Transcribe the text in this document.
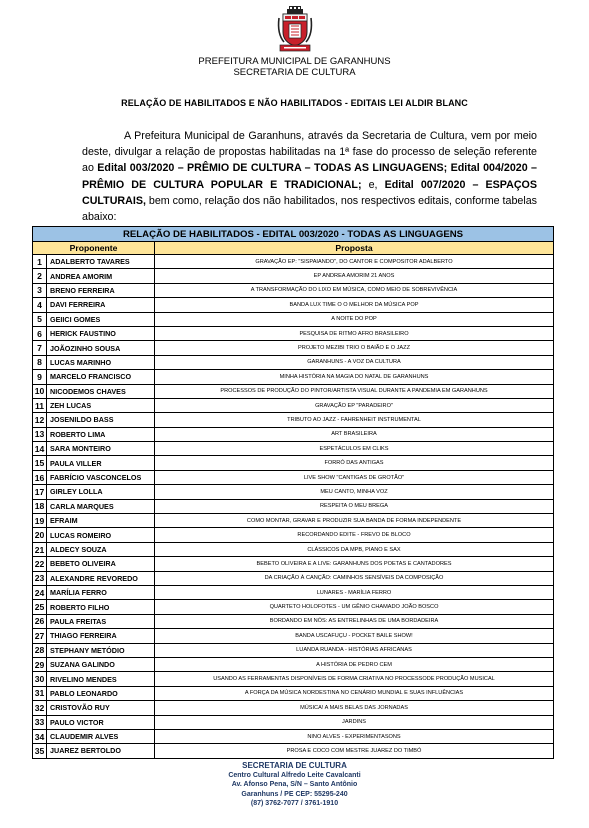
PREFEITURA MUNICIPAL DE GARANHUNS
SECRETARIA DE CULTURA
RELAÇÃO DE HABILITADOS E NÃO HABILITADOS - EDITAIS LEI ALDIR BLANC

A Prefeitura Municipal de Garanhuns, através da Secretaria de Cultura, vem por meio deste, divulgar a relação de propostas habilitadas na 1ª fase do processo de seleção referente ao Edital 003/2020 – PRÊMIO DE CULTURA – TODAS AS LINGUAGENS; Edital 004/2020 – PRÊMIO DE CULTURA POPULAR E TRADICIONAL; e, Edital 007/2020 – ESPAÇOS CULTURAIS, bem como, relação dos não habilitados, nos respectivos editais, conforme tabelas abaixo:

RELAÇÃO DE HABILITADOS - EDITAL 003/2020 - TODAS AS LINGUAGENS		
Proponente		Proposta
1	ADALBERTO TAVARES	GRAVAÇÃO EP: "SISPAIANDO", DO CANTOR E COMPOSITOR ADALBERTO
2	ANDREA AMORIM	EP ANDREA AMORIM 21 ANOS
3	BRENO FERREIRA	A TRANSFORMAÇÃO DO LIXO EM MÚSICA, COMO MEIO DE SOBREVIVÊNCIA
4	DAVI FERREIRA	BANDA LUX TIME O O MELHOR DA MÚSICA POP
5	GEIICI GOMES	A NOITE DO POP
6	HERICK FAUSTINO	PESQUISA DE RITMO AFRO BRASILEIRO
7	JOÃOZINHO SOUSA	PROJETO MEZIBI TRIO O BAIÃO E O JAZZ
8	LUCAS MARINHO	GARANHUNS - A VOZ DA CULTURA
9	MARCELO FRANCISCO	MINHA HISTÓRIA NA MAGIA DO NATAL DE GARANHUNS
10	NICODEMOS CHAVES	PROCESSOS DE PRODUÇÃO DO PINTOR/ARTISTA VISUAL DURANTE A PANDEMIA EM GARANHUNS
11	ZEH LUCAS	GRAVAÇÃO EP "PARADEIRO"
12	JOSENILDO BASS	TRIBUTO AO JAZZ - FAHRENHEIT INSTRUMENTAL
13	ROBERTO LIMA	ART BRASILEIRA
14	SARA MONTEIRO	ESPETÁCULOS EM CLIKS
15	PAULA VILLER	FORRÓ DAS ANTIGAS
16	FABRÍCIO VASCONCELOS	LIVE SHOW "CANTIGAS DE GROTÃO"
17	GIRLEY LOLLA	MEU CANTO, MINHA VOZ
18	CARLA MARQUES	RESPEITA O MEU BREGA
19	EFRAIM	COMO MONTAR, GRAVAR E PRODUZIR SUA BANDA DE FORMA INDEPENDENTE
20	LUCAS ROMEIRO	RECORDANDO EDITE - FREVO DE BLOCO
21	ALDECY SOUZA	CLÁSSICOS DA MPB, PIANO E SAX
22	BEBETO OLIVEIRA	BEBETO OLIVEIRA E A LIVE: GARANHUNS DOS POETAS E CANTADORES
23	ALEXANDRE REVOREDO	DA CRIAÇÃO À CANÇÃO: CAMINHOS SENSÍVEIS DA COMPOSIÇÃO
24	MARÍLIA FERRO	LUNARES - MARÍLIA FERRO
25	ROBERTO FILHO	QUARTETO HOLOFOTES - UM GÊNIO CHAMADO JOÃO BOSCO
26	PAULA FREITAS	BORDANDO EM NÓS: AS ENTRELINHAS DE UMA BORDADEIRA
27	THIAGO FERREIRA	BANDA USCAFUÇU - POCKET BAILE SHOW!
28	STEPHANY METÓDIO	LUANDA RUANDA - HISTÓRIAS AFRICANAS
29	SUZANA GALINDO	A HISTÓRIA DE PEDRO CEM
30	RIVELINO MENDES	USANDO AS FERRAMENTAS DISPONÍVEIS DE FORMA CRIATIVA NO PROCESSODE PRODUÇÃO MUSICAL
31	PABLO LEONARDO	A FORÇA DA MÚSICA NORDESTINA NO CENÁRIO MUNDIAL E SUAS INFLUÊNCIAS
32	CRISTOVÃO RUY	MÚSICA! A MAIS BELAS DAS JORNADAS
33	PAULO VICTOR	JARDINS
34	CLAUDEMIR ALVES	NINO ALVES - EXPERIMENTASONS
35	JUAREZ BERTOLDO	PROSA E COCO COM MESTRE JUAREZ DO TIMBÓ
SECRETARIA DE CULTURA
Centro Cultural Alfredo Leite Cavalcanti
Av. Afonso Pena, S/N – Santo Antônio
Garanhuns / PE CEP: 55295-240
(87) 3762-7077 / 3761-1910
